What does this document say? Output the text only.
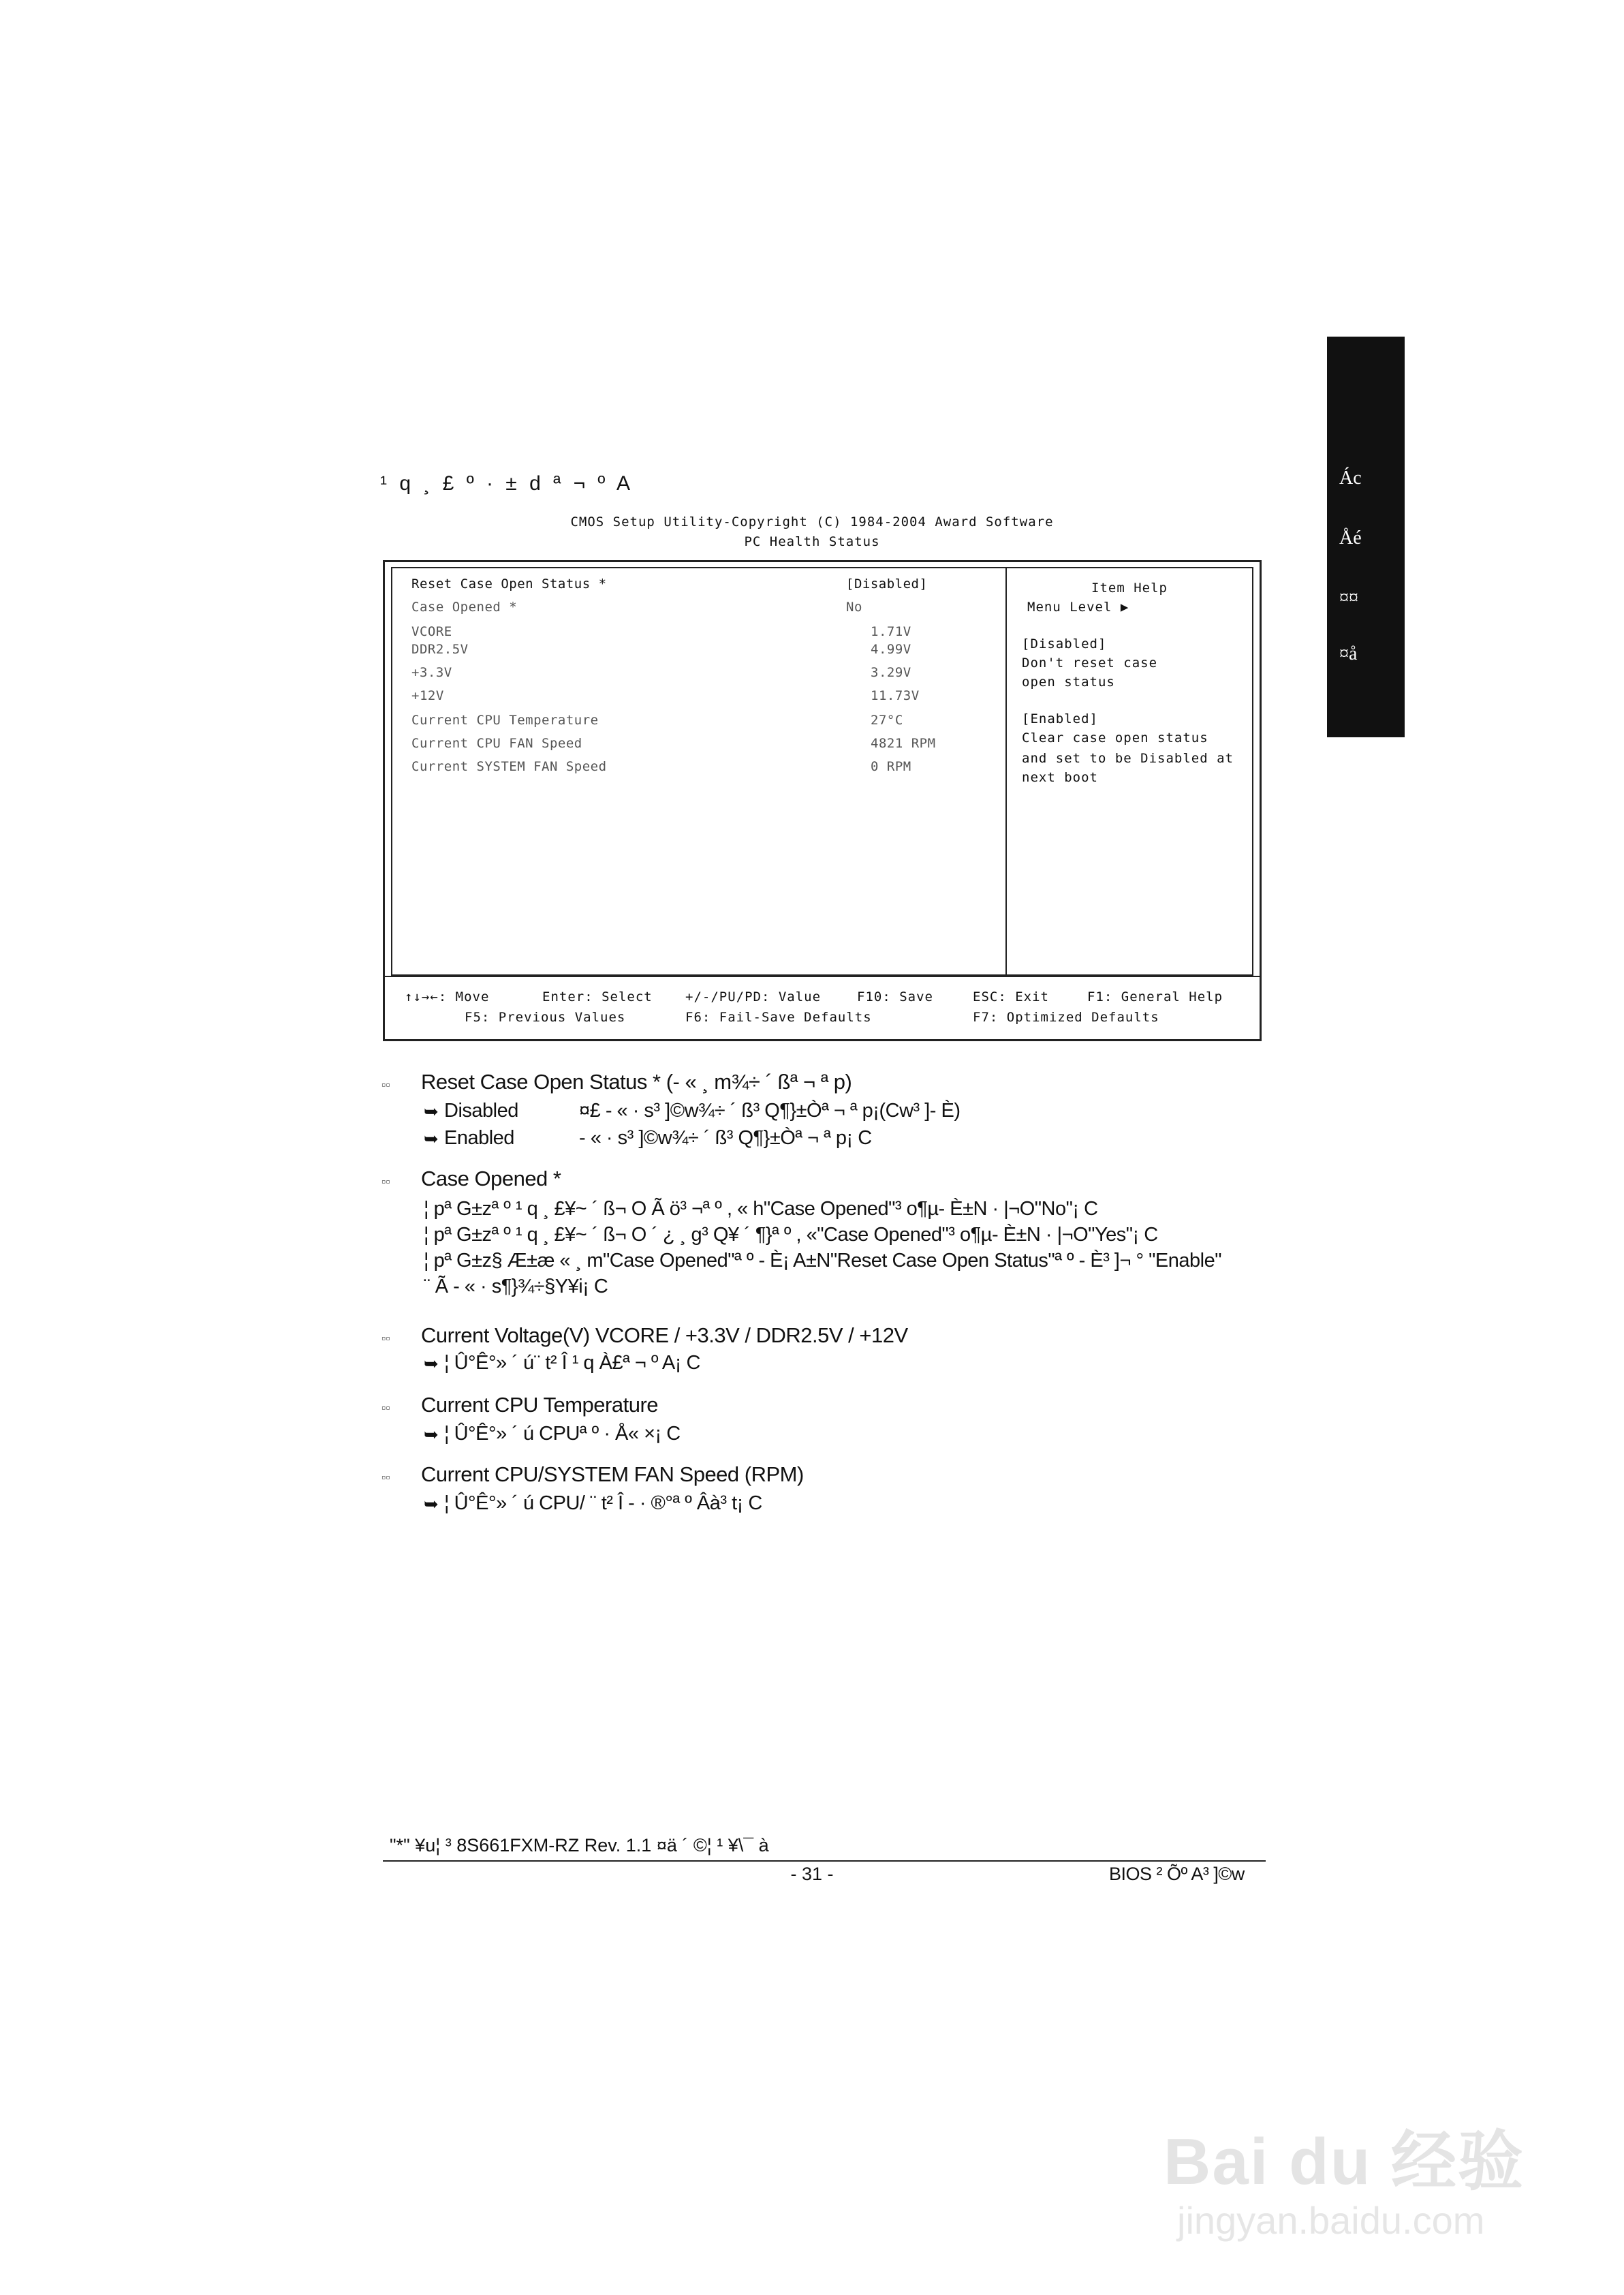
Ác
Åé
¤¤
¤å
¹ q ¸ £ º · ± d ª ¬ º A
CMOS Setup Utility-Copyright (C) 1984-2004 Award Software
PC Health Status
Reset Case Open Status *	[Disabled]
Case Opened *	No
VCORE	1.71V
DDR2.5V	4.99V
+3.3V	3.29V
+12V	11.73V
Current CPU Temperature	27°C
Current CPU FAN Speed	4821 RPM
Current SYSTEM FAN Speed	0 RPM
Item Help
Menu Level ▶
[Disabled]
Don't reset case
open status
[Enabled]
Clear case open status
and set to be Disabled at
next boot
↑↓→←: Move	Enter: Select	+/-/PU/PD: Value	F10: Save	ESC: Exit	F1: General Help
F5: Previous Values	F6: Fail-Save Defaults	F7: Optimized Defaults
▫▫ Reset Case Open Status * (- « ¸ m¾÷ ´ ßª ¬ ª p)
➥ Disabled	¤£ - « · s³ ]©w¾÷ ´ ß³ Q¶}±Òª ¬ ª p¡(Cw³ ]- È)
➥ Enabled	- « · s³ ]©w¾÷ ´ ß³ Q¶}±Òª ¬ ª p¡ C
▫▫ Case Opened *
¦ pª G±zª º ¹ q ¸ £¥~ ´ ß¬ O Ã ö³ ¬ª º , « h"Case Opened"³ o¶µ- È±N · |¬O"No"¡ C
¦ pª G±zª º ¹ q ¸ £¥~ ´ ß¬ O ´ ¿ ¸ g³ Q¥ ´ ¶}ª º , «"Case Opened"³ o¶µ- È±N · |¬O"Yes"¡ C
¦ pª G±z§ Æ±æ « ¸ m"Case Opened"ª º - È¡ A±N"Reset Case Open Status"ª º - È³ ]¬ ° "Enable"
¨ Ã - « · s¶}¾÷§Y¥i¡ C
▫▫ Current Voltage(V) VCORE / +3.3V / DDR2.5V / +12V
➥ ¦ Û°Ê°» ´ ú¨ t² Î ¹ q À£ª ¬ º A¡ C
▫▫ Current CPU Temperature
➥ ¦ Û°Ê°» ´ ú CPUª º · Å« ×¡ C
▫▫ Current CPU/SYSTEM FAN Speed (RPM)
➥ ¦ Û°Ê°» ´ ú CPU/ ¨ t² Î - · ®°ª º Âà³ t¡ C
"*" ¥u¦ ³ 8S661FXM-RZ Rev. 1.1 ¤ä ´ ©¦ ¹ ¥\¯ à
- 31 -	BIOS ² Õº A³ ]©w
Bai du 经验
jingyan.baidu.com
